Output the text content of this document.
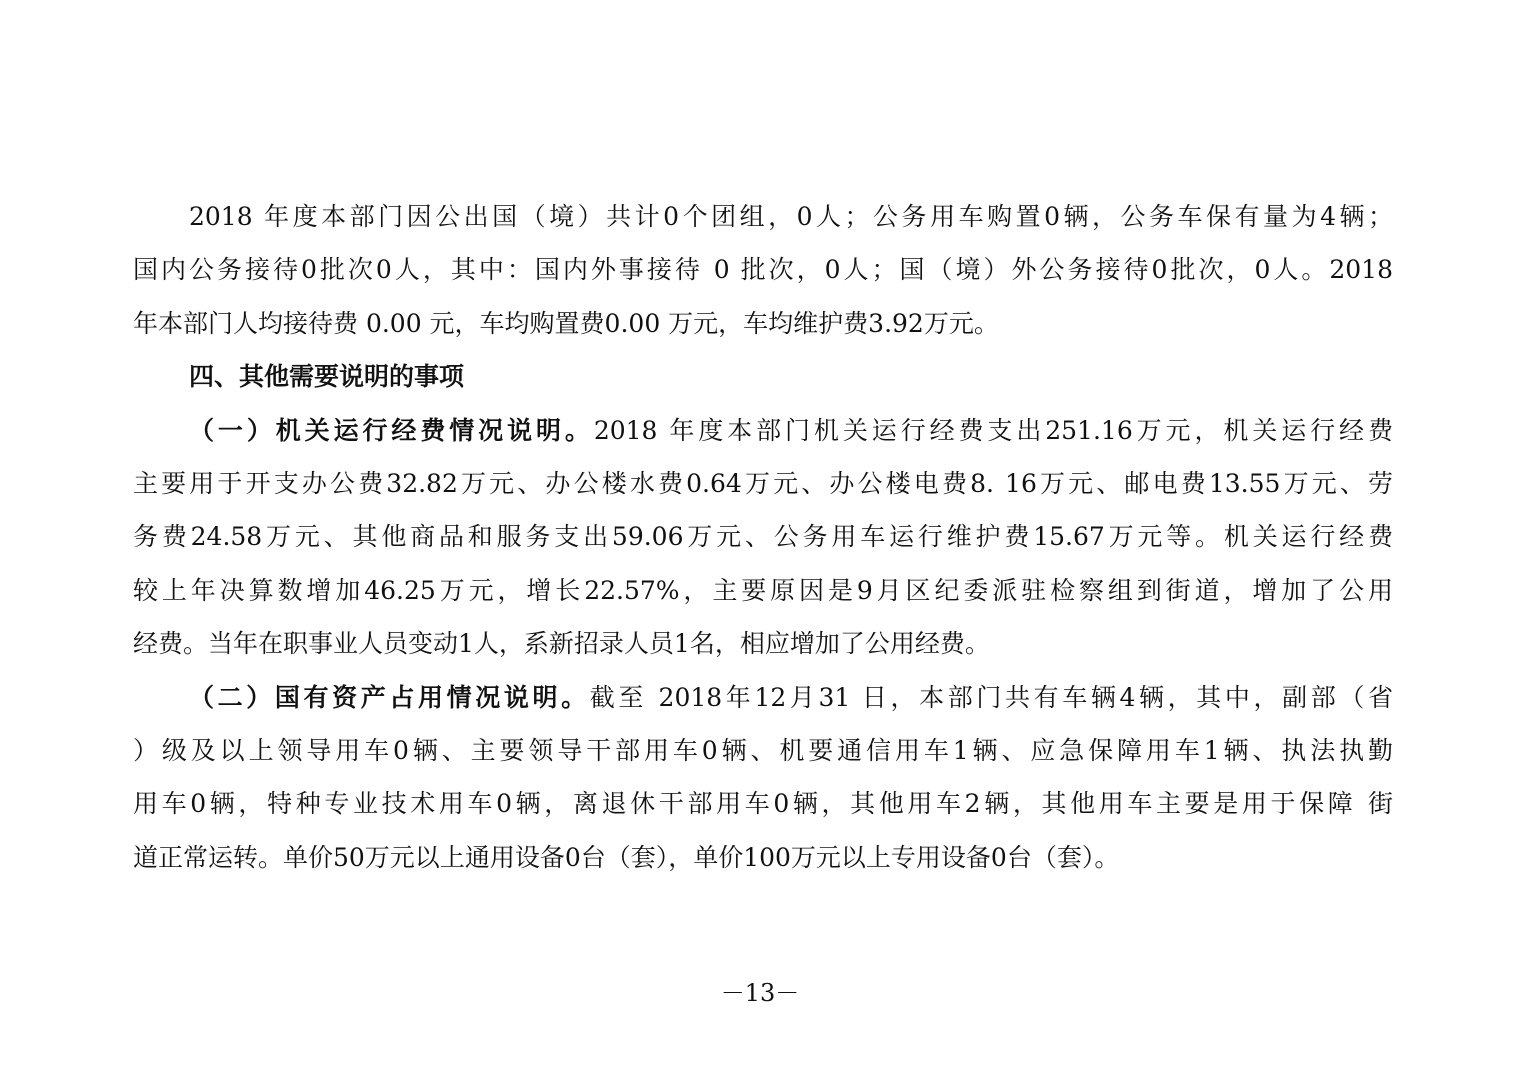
2018 年度本部门因公出国（境）共计0个团组，0人；公务用车购置0辆，公务车保有量为4辆；
国内公务接待0批次0人，其中：国内外事接待 0 批次，0人；国（境）外公务接待0批次，0人。2018
年本部门人均接待费 0.00 元，车均购置费0.00 万元，车均维护费3.92万元。
四、其他需要说明的事项
（一）机关运行经费情况说明。2018 年度本部门机关运行经费支出251.16万元，机关运行经费
主要用于开支办公费32.82万元、办公楼水费0.64万元、办公楼电费8. 16万元、邮电费13.55万元、劳
务费24.58万元、其他商品和服务支出59.06万元、公务用车运行维护费15.67万元等。机关运行经费
较上年决算数增加46.25万元，增长22.57%，主要原因是9月区纪委派驻检察组到街道，增加了公用
经费。当年在职事业人员变动1人，系新招录人员1名，相应增加了公用经费。
（二）国有资产占用情况说明。截至 2018年12月31 日，本部门共有车辆4辆，其中，副部（省
）级及以上领导用车0辆、主要领导干部用车0辆、机要通信用车1辆、应急保障用车1辆、执法执勤
用车0辆，特种专业技术用车0辆，离退休干部用车0辆，其他用车2辆，其他用车主要是用于保障 街
道正常运转。单价50万元以上通用设备0台（套），单价100万元以上专用设备0台（套）。
－13－
